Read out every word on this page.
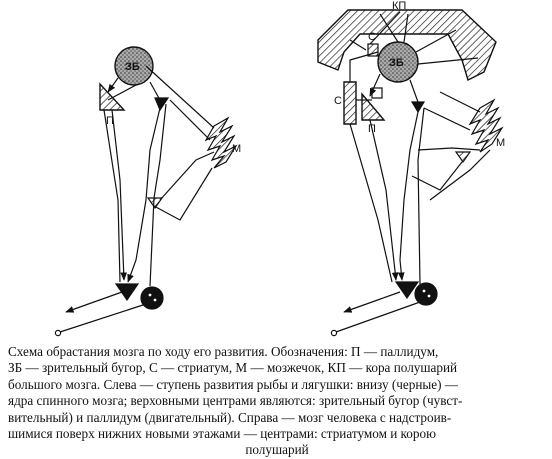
ЗБ
П
М
КП
С
ЗБ
С
П
М
Схема обрастания мозга по ходу его развития. Обозначения: П — паллидум,
ЗБ — зрительный бугор, С — стриатум, М — мозжечок, КП — кора полушарий
большого мозга. Слева — ступень развития рыбы и лягушки: внизу (черные) —
ядра спинного мозга; верховными центрами являются: зрительный бугор (чувст-
вительный) и паллидум (двигательный). Справа — мозг человека с надстроив-
шимися поверх нижних новыми этажами — центрами: стриатумом и корою
полушарий
